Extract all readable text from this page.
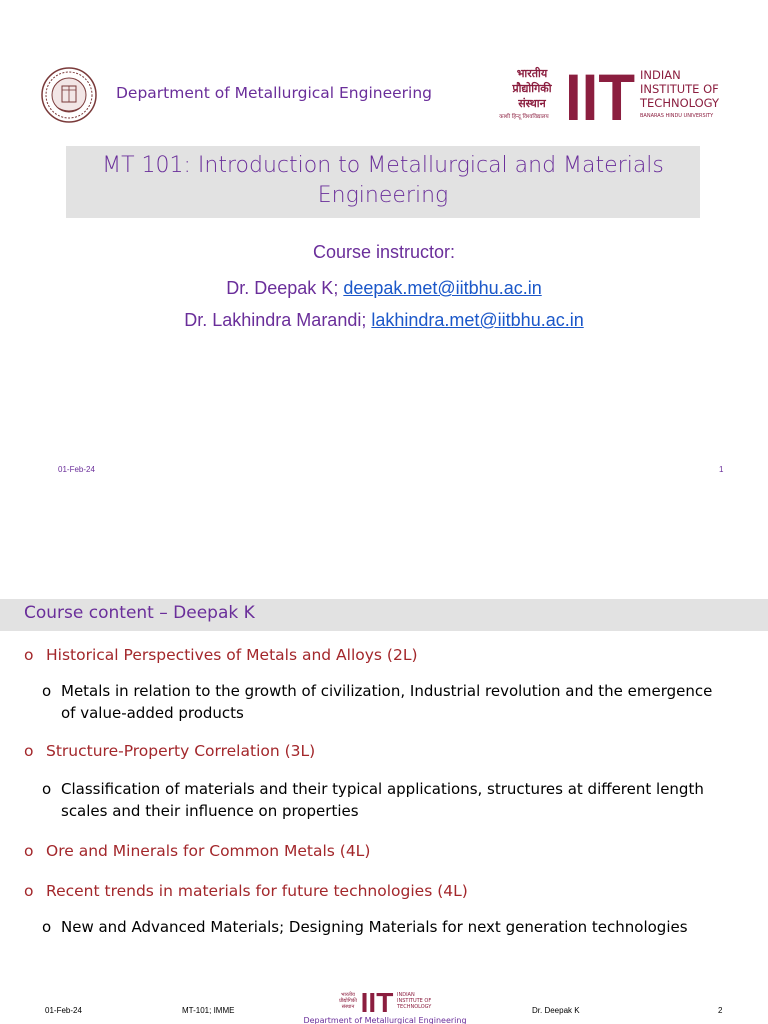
Department of Metallurgical Engineering
भारतीय
प्रौद्योगिकी
संस्थान
काशी हिन्दू विश्वविद्यालय IIT INDIAN
INSTITUTE OF
TECHNOLOGY
BANARAS HINDU UNIVERSITY
MT 101: Introduction to Metallurgical and Materials
Engineering
Course instructor:
Dr. Deepak K; deepak.met@iitbhu.ac.in
Dr. Lakhindra Marandi; lakhindra.met@iitbhu.ac.in
01-Feb-24	1
Course content – Deepak K
o Historical Perspectives of Metals and Alloys (2L)
o Metals in relation to the growth of civilization, Industrial revolution and the emergence of value-added products
o Structure-Property Correlation (3L)
o Classification of materials and their typical applications, structures at different length scales and their influence on properties
o Ore and Minerals for Common Metals (4L)
o Recent trends in materials for future technologies (4L)
o New and Advanced Materials; Designing Materials for next generation technologies
01-Feb-24	MT-101; IMME
भारतीय
प्रौद्योगिकी
संस्थान IIT INDIAN
INSTITUTE OF
TECHNOLOGY
Department of Metallurgical Engineering
Dr. Deepak K	2
